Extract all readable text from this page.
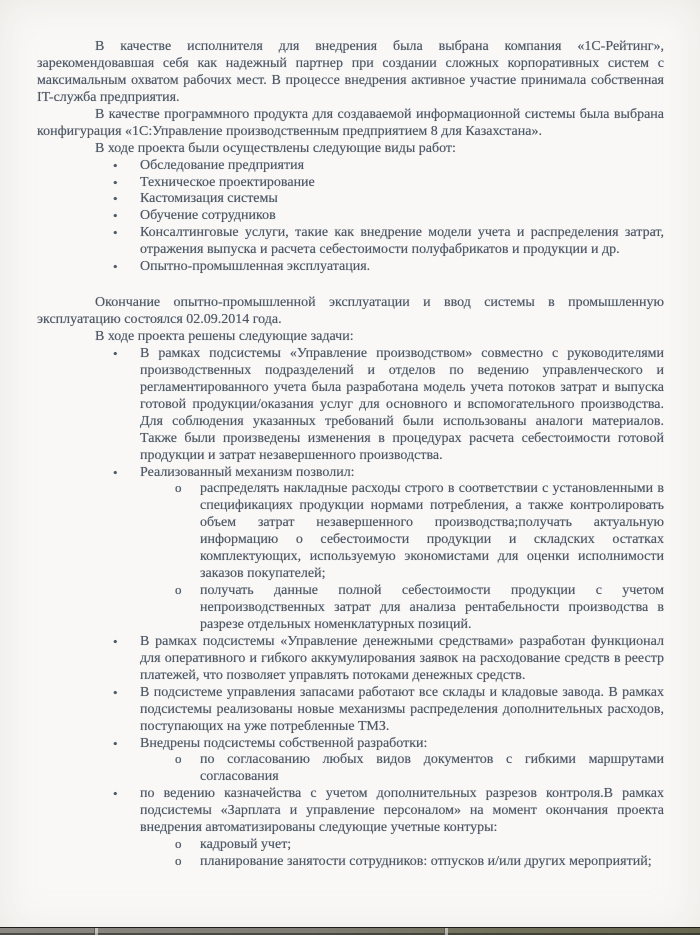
В качестве исполнителя для внедрения была выбрана компания «1С-Рейтинг», зарекомендовавшая себя как надежный партнер при создании сложных корпоративных систем с максимальным охватом рабочих мест. В процессе внедрения активное участие принимала собственная IT-служба предприятия.

В качестве программного продукта для создаваемой информационной системы была выбрана конфигурация «1С:Управление производственным предприятием 8 для Казахстана».

В ходе проекта были осуществлены следующие виды работ:

• Обследование предприятия
• Техническое проектирование
• Кастомизация системы
• Обучение сотрудников
• Консалтинговые услуги, такие как внедрение модели учета и распределения затрат, отражения выпуска и расчета себестоимости полуфабрикатов и продукции и др.
• Опытно-промышленная эксплуатация.

Окончание опытно-промышленной эксплуатации и ввод системы в промышленную эксплуатацию состоялся 02.09.2014 года.

В ходе проекта решены следующие задачи:

• В рамках подсистемы «Управление производством» совместно с руководителями производственных подразделений и отделов по ведению управленческого и регламентированного учета была разработана модель учета потоков затрат и выпуска готовой продукции/оказания услуг для основного и вспомогательного производства. Для соблюдения указанных требований были использованы аналоги материалов. Также были произведены изменения в процедурах расчета себестоимости готовой продукции и затрат незавершенного производства.
• Реализованный механизм позволил:
o распределять накладные расходы строго в соответствии с установленными в спецификациях продукции нормами потребления, а также контролировать объем затрат незавершенного производства;получать актуальную информацию о себестоимости продукции и складских остатках комплектующих, используемую экономистами для оценки исполнимости заказов покупателей;
o получать данные полной себестоимости продукции с учетом непроизводственных затрат для анализа рентабельности производства в разрезе отдельных номенклатурных позиций.
• В рамках подсистемы «Управление денежными средствами» разработан функционал для оперативного и гибкого аккумулирования заявок на расходование средств в реестр платежей, что позволяет управлять потоками денежных средств.
• В подсистеме управления запасами работают все склады и кладовые завода. В рамках подсистемы реализованы новые механизмы распределения дополнительных расходов, поступающих на уже потребленные ТМЗ.
• Внедрены подсистемы собственной разработки:
o по согласованию любых видов документов с гибкими маршрутами согласования
• по ведению казначейства с учетом дополнительных разрезов контроля.В рамках подсистемы «Зарплата и управление персоналом» на момент окончания проекта внедрения автоматизированы следующие учетные контуры:
o кадровый учет;
o планирование занятости сотрудников: отпусков и/или других мероприятий;
